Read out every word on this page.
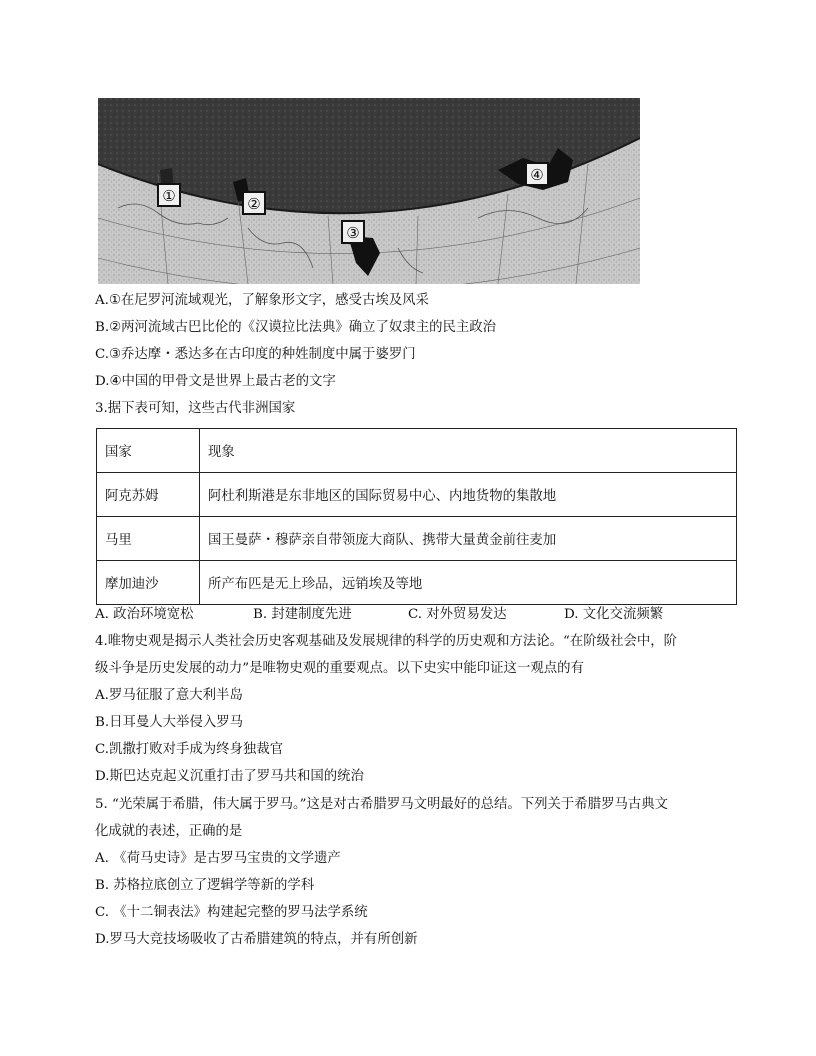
①	②
③
④
A.①在尼罗河流域观光，了解象形文字，感受古埃及风采
B.②两河流域古巴比伦的《汉谟拉比法典》确立了奴隶主的民主政治
C.③乔达摩・悉达多在古印度的种姓制度中属于婆罗门
D.④中国的甲骨文是世界上最古老的文字
3.据下表可知，这些古代非洲国家
国家	现象
阿克苏姆	阿杜利斯港是东非地区的国际贸易中心、内地货物的集散地
马里	国王曼萨・穆萨亲自带领庞大商队、携带大量黄金前往麦加
摩加迪沙	所产布匹是无上珍品，远销埃及等地
A. 政治环境宽松	B. 封建制度先进	C. 对外贸易发达	D. 文化交流频繁
4.唯物史观是揭示人类社会历史客观基础及发展规律的科学的历史观和方法论。“在阶级社会中，阶
级斗争是历史发展的动力”是唯物史观的重要观点。以下史实中能印证这一观点的有
A.罗马征服了意大利半岛
B.日耳曼人大举侵入罗马
C.凯撒打败对手成为终身独裁官
D.斯巴达克起义沉重打击了罗马共和国的统治
5. “光荣属于希腊，伟大属于罗马。”这是对古希腊罗马文明最好的总结。下列关于希腊罗马古典文
化成就的表述，正确的是
A. 《荷马史诗》是古罗马宝贵的文学遗产
B. 苏格拉底创立了逻辑学等新的学科
C. 《十二铜表法》构建起完整的罗马法学系统
D.罗马大竞技场吸收了古希腊建筑的特点，并有所创新
